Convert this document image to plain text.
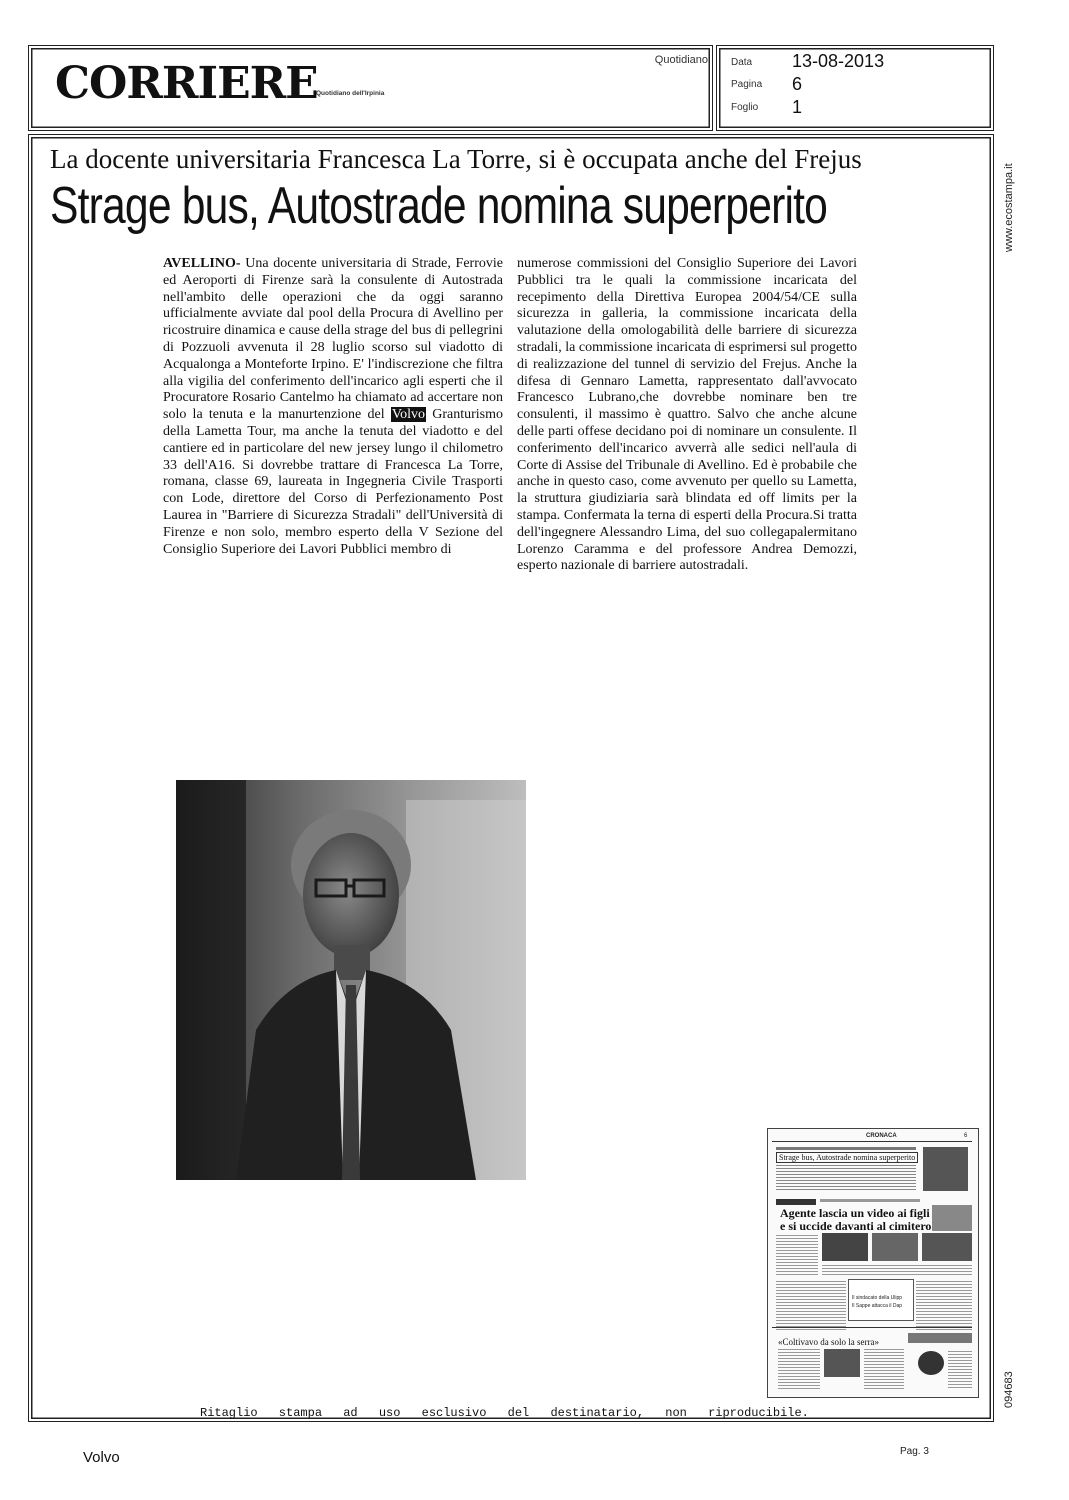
CORRIERE
Quotidiano dell'Irpinia
Quotidiano Data 13-08-2013
Pagina 6
Foglio 1
La docente universitaria Francesca La Torre, si è occupata anche del Frejus
Strage bus, Autostrade nomina superperito
AVELLINO- Una docente universitaria di Strade, Ferrovie ed Aeroporti di Firenze sarà la consulente di Autostrada nell'ambito delle operazioni che da oggi saranno ufficialmente avviate dal pool della Procura di Avellino per ricostruire dinamica e cause della strage del bus di pellegrini di Pozzuoli avvenuta il 28 luglio scorso sul viadotto di Acqualonga a Monteforte Irpino. E' l'indiscrezione che filtra alla vigilia del conferimento dell'incarico agli esperti che il Procuratore Rosario Cantelmo ha chiamato ad accertare non solo la tenuta e la manurtenzione del Volvo Granturismo della Lametta Tour, ma anche la tenuta del viadotto e del cantiere ed in particolare del new jersey lungo il chilometro 33 dell'A16. Si dovrebbe trattare di Francesca La Torre, romana, classe 69, laureata in Ingegneria Civile Trasporti con Lode, direttore del Corso di Perfezionamento Post Laurea in "Barriere di Sicurezza Stradali" dell'Università di Firenze e non solo, membro esperto della V Sezione del Consiglio Superiore dei Lavori Pubblici membro di
numerose commissioni del Consiglio Superiore dei Lavori Pubblici tra le quali la commissione incaricata del recepimento della Direttiva Europea 2004/54/CE sulla sicurezza in galleria, la commissione incaricata della valutazione della omologabilità delle barriere di sicurezza stradali, la commissione incaricata di esprimersi sul progetto di realizzazione del tunnel di servizio del Frejus. Anche la difesa di Gennaro Lametta, rappresentato dall'avvocato Francesco Lubrano,che dovrebbe nominare ben tre consulenti, il massimo è quattro. Salvo che anche alcune delle parti offese decidano poi di nominare un consulente. Il conferimento dell'incarico avverrà alle sedici nell'aula di Corte di Assise del Tribunale di Avellino. Ed è probabile che anche in questo caso, come avvenuto per quello su Lametta, la struttura giudiziaria sarà blindata ed off limits per la stampa. Confermata la terna di esperti della Procura.Si tratta dell'ingegnere Alessandro Lima, del suo collegapalermitano Lorenzo Caramma e del professore Andrea Demozzi, esperto nazionale di barriere autostradali.
CRONACA	6
Strage bus, Autostrade nomina superperito
Agente lascia un video ai figli
e si uccide davanti al cimitero
Il sindacato della Ulipp
Il Sappe attacca il Dap
«Coltivavo da solo la serra»
www.ecostampa.it
094683
Ritaglio stampa ad uso esclusivo del destinatario, non riproducibile.
Volvo	Pag. 3
